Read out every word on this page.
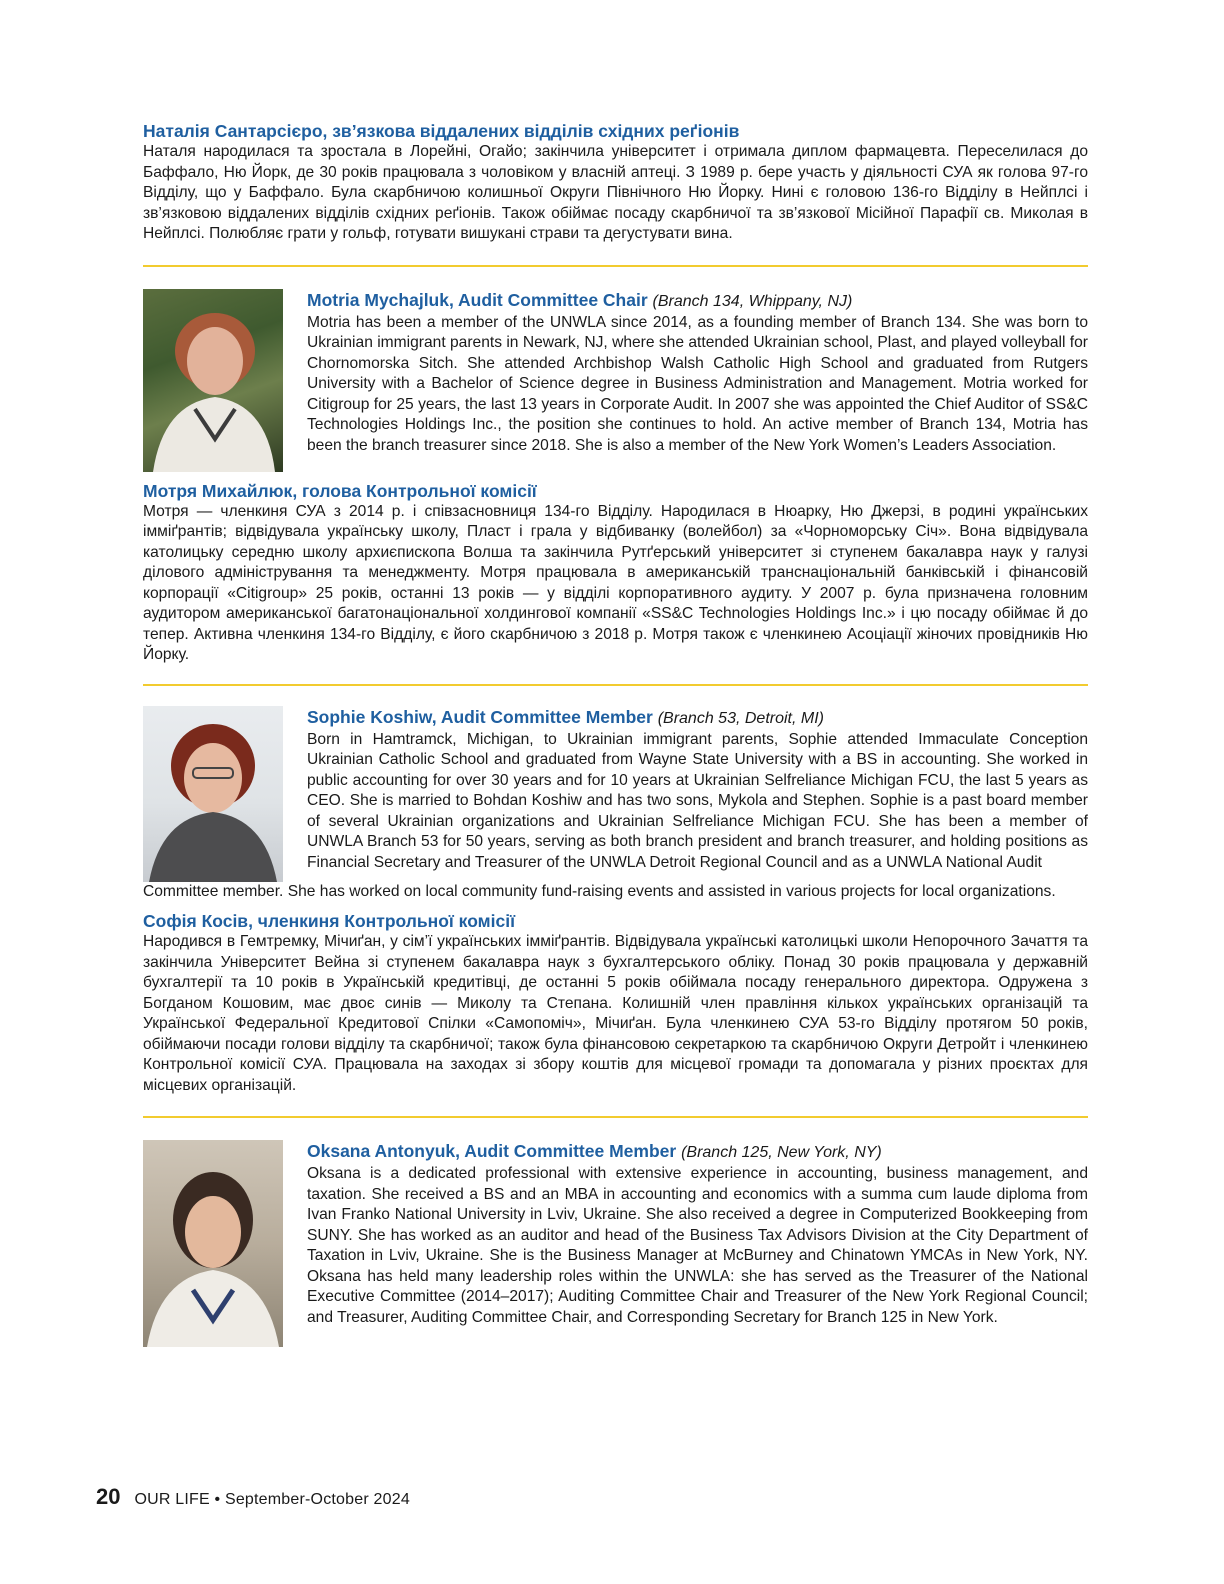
Наталія Сантарсієро, зв’язкова віддалених відділів східних реґіонів

Наталя народилася та зростала в Лорейні, Огайо; закінчила університет і отримала диплом фармацевта. Переселилася до Баффало, Ню Йорк, де 30 років працювала з чоловіком у власній аптеці. З 1989 р. бере участь у діяльності СУА як голова 97-го Відділу, що у Баффало. Була скарбничою колишньої Округи Північного Ню Йорку. Нині є головою 136-го Відділу в Нейплсі і зв’язковою віддалених відділів східних реґіонів. Також обіймає посаду скарбничої та зв’язкової Місійної Парафії св. Миколая в Нейплсі. Полюбляє грати у гольф, готувати вишукані страви та дегустувати вина.

Motria Mychajluk, Audit Committee Chair (Branch 134, Whippany, NJ)

Motria has been a member of the UNWLA since 2014, as a founding member of Branch 134. She was born to Ukrainian immigrant parents in Newark, NJ, where she attended Ukrainian school, Plast, and played volleyball for Chornomorska Sitch. She attended Archbishop Walsh Catholic High School and graduated from Rutgers University with a Bachelor of Science degree in Business Administration and Management. Motria worked for Citigroup for 25 years, the last 13 years in Corporate Audit. In 2007 she was appointed the Chief Auditor of SS&C Technologies Holdings Inc., the position she continues to hold. An active member of Branch 134, Motria has been the branch treasurer since 2018. She is also a member of the New York Women’s Leaders Association.

Мотря Михайлюк, голова Контрольної комісії

Мотря — членкиня СУА з 2014 р. і співзасновниця 134-го Відділу. Народилася в Нюарку, Ню Джерзі, в родині українських імміґрантів; відвідувала українську школу, Пласт і грала у відбиванку (волейбол) за «Чорноморську Січ». Вона відвідувала католицьку середню школу архиєпископа Волша та закінчила Рутґерський університет зі ступенем бакалавра наук у галузі ділового адміністрування та менеджменту. Мотря працювала в американській транснаціональній банківській і фінансовій корпорації «Citigroup» 25 років, останні 13 років — у відділі корпоративного аудиту. У 2007 р. була призначена головним аудитором американської багатонаціональної холдингової компанії «SS&C Technologies Holdings Inc.» і цю посаду обіймає й до тепер. Активна членкиня 134-го Відділу, є його скарбничою з 2018 р. Мотря також є членкинею Асоціації жіночих провідників Ню Йорку.

Sophie Koshiw, Audit Committee Member (Branch 53, Detroit, MI)

Born in Hamtramck, Michigan, to Ukrainian immigrant parents, Sophie attended Immaculate Conception Ukrainian Catholic School and graduated from Wayne State University with a BS in accounting. She worked in public accounting for over 30 years and for 10 years at Ukrainian Selfreliance Michigan FCU, the last 5 years as CEO. She is married to Bohdan Koshiw and has two sons, Mykola and Stephen. Sophie is a past board member of several Ukrainian organizations and Ukrainian Selfreliance Michigan FCU. She has been a member of UNWLA Branch 53 for 50 years, serving as both branch president and branch treasurer, and holding positions as Financial Secretary and Treasurer of the UNWLA Detroit Regional Council and as a UNWLA National Audit

Committee member. She has worked on local community fund-raising events and assisted in various projects for local organizations.

Софія Косів, членкиня Контрольної комісії

Народився в Гемтремку, Мічиґан, у сім’ї українських імміґрантів. Відвідувала українські католицькі школи Непорочного Зачаття та закінчила Університет Вейна зі ступенем бакалавра наук з бухгалтерського обліку. Понад 30 років працювала у державній бухгалтерії та 10 років в Українській кредитівці, де останні 5 років обіймала посаду генерального директора. Одружена з Богданом Кошовим, має двоє синів — Миколу та Степана. Колишній член правління кількох українських організацій та Української Федеральної Кредитової Спілки «Самопоміч», Мічиґан. Була членкинею СУА 53-го Відділу протягом 50 років, обіймаючи посади голови відділу та скарбничої; також була фінансовою секретаркою та скарбничою Округи Детройт і членкинею Контрольної комісії СУА. Працювала на заходах зі збору коштів для місцевої громади та допомагала у різних проєктах для місцевих організацій.

Oksana Antonyuk, Audit Committee Member (Branch 125, New York, NY)

Oksana is a dedicated professional with extensive experience in accounting, business management, and taxation. She received a BS and an MBA in accounting and economics with a summa cum laude diploma from Ivan Franko National University in Lviv, Ukraine. She also received a degree in Computerized Bookkeeping from SUNY. She has worked as an auditor and head of the Business Tax Advisors Division at the City Department of Taxation in Lviv, Ukraine. She is the Business Manager at McBurney and Chinatown YMCAs in New York, NY. Oksana has held many leadership roles within the UNWLA: she has served as the Treasurer of the National Executive Committee (2014–2017); Auditing Committee Chair and Treasurer of the New York Regional Council; and Treasurer, Auditing Committee Chair, and Corresponding Secretary for Branch 125 in New York.

20 OUR LIFE • September-October 2024
